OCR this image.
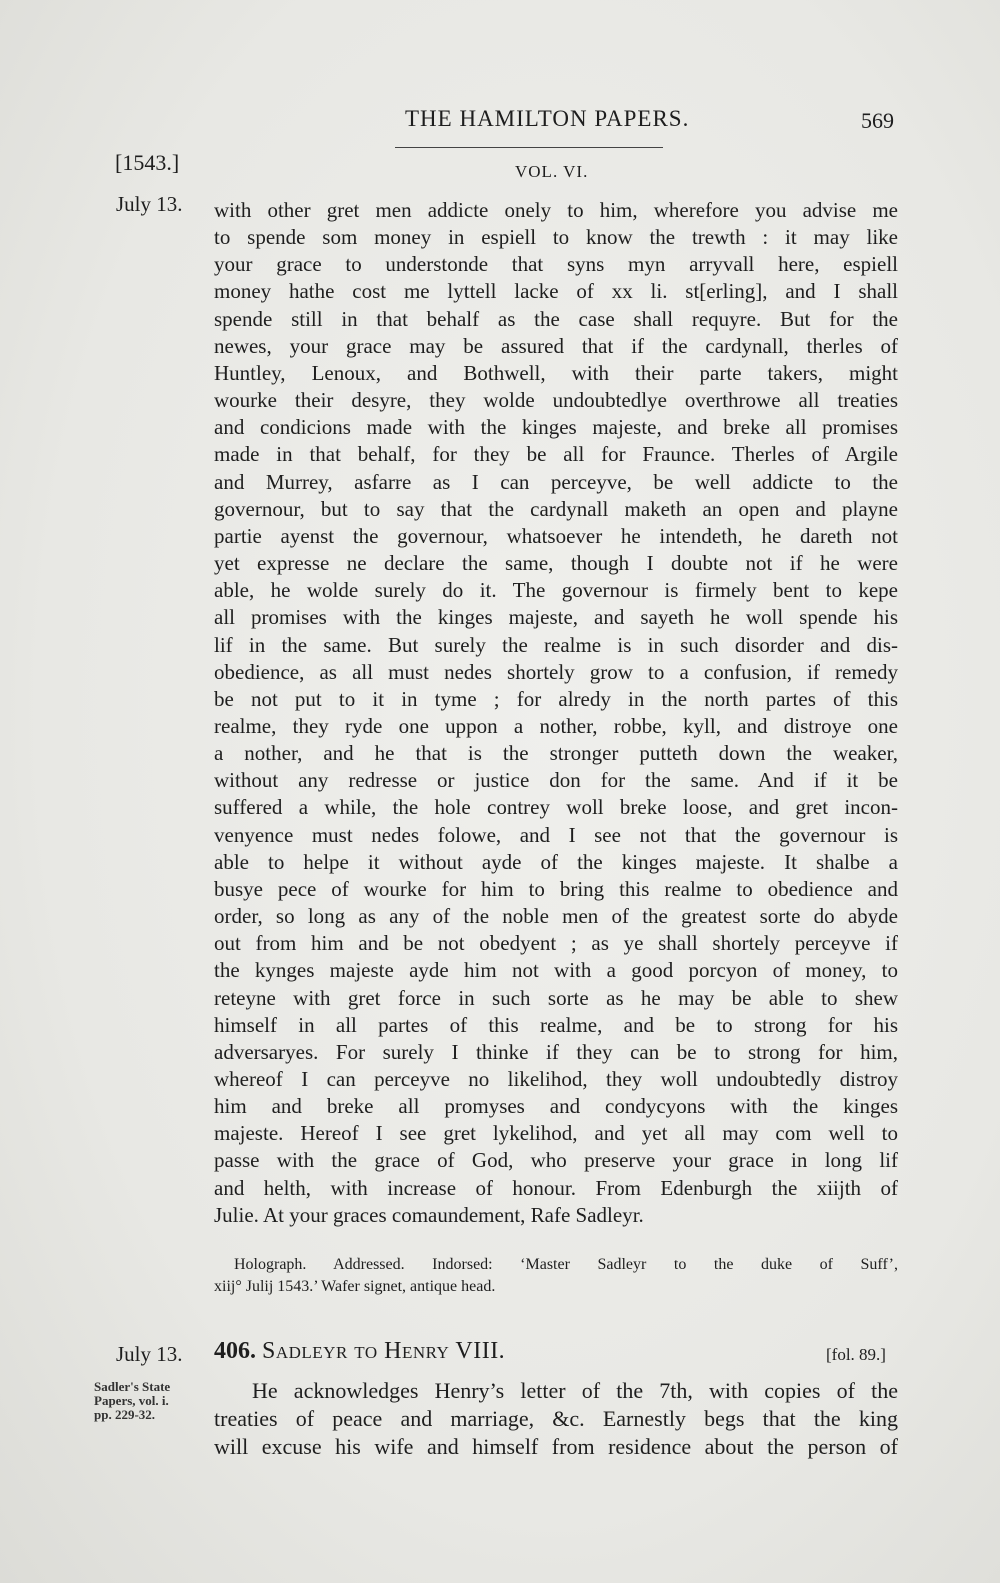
THE HAMILTON PAPERS.	569
[1543.]	VOL. VI.
July 13. with other gret men addicte onely to him, wherefore you advise me
to spende som money in espiell to know the trewth : it may like
your grace to understonde that syns myn arryvall here, espiell
money hathe cost me lyttell lacke of xx li. st[erling], and I shall
spende still in that behalf as the case shall requyre. But for the
newes, your grace may be assured that if the cardynall, therles of
Huntley, Lenoux, and Bothwell, with their parte takers, might
wourke their desyre, they wolde undoubtedlye overthrowe all treaties
and condicions made with the kinges majeste, and breke all promises
made in that behalf, for they be all for Fraunce. Therles of Argile
and Murrey, asfarre as I can perceyve, be well addicte to the
governour, but to say that the cardynall maketh an open and playne
partie ayenst the governour, whatsoever he intendeth, he dareth not
yet expresse ne declare the same, though I doubte not if he were
able, he wolde surely do it. The governour is firmely bent to kepe
all promises with the kinges majeste, and sayeth he woll spende his
lif in the same. But surely the realme is in such disorder and dis-
obedience, as all must nedes shortely grow to a confusion, if remedy
be not put to it in tyme ; for alredy in the north partes of this
realme, they ryde one uppon a nother, robbe, kyll, and distroye one
a nother, and he that is the stronger putteth down the weaker,
without any redresse or justice don for the same. And if it be
suffered a while, the hole contrey woll breke loose, and gret incon-
venyence must nedes folowe, and I see not that the governour is
able to helpe it without ayde of the kinges majeste. It shalbe a
busye pece of wourke for him to bring this realme to obedience and
order, so long as any of the noble men of the greatest sorte do abyde
out from him and be not obedyent ; as ye shall shortely perceyve if
the kynges majeste ayde him not with a good porcyon of money, to
reteyne with gret force in such sorte as he may be able to shew
himself in all partes of this realme, and be to strong for his
adversaryes. For surely I thinke if they can be to strong for him,
whereof I can perceyve no likelihod, they woll undoubtedly distroy
him and breke all promyses and condycyons with the kinges
majeste. Hereof I see gret lykelihod, and yet all may com well to
passe with the grace of God, who preserve your grace in long lif
and helth, with increase of honour. From Edenburgh the xiijth of
Julie. At your graces comaundement, Rafe Sadleyr.
Holograph. Addressed. Indorsed: ‘Master Sadleyr to the duke of Suff’,
xiij° Julij 1543.’ Wafer signet, antique head.
July 13. 406. Sadleyr to Henry VIII.	[fol. 89.]
Sadler's State
Papers, vol. i.
pp. 229-32.
He acknowledges Henry’s letter of the 7th, with copies of the
treaties of peace and marriage, &c. Earnestly begs that the king
will excuse his wife and himself from residence about the person of
